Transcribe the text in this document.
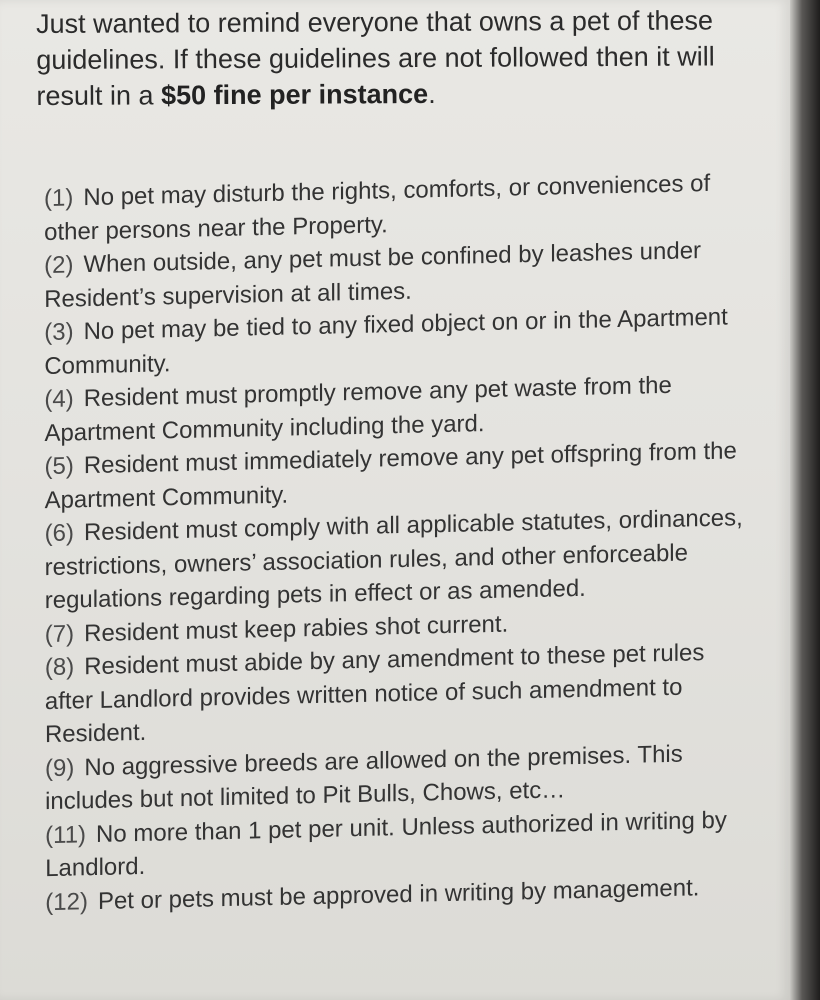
Just wanted to remind everyone that owns a pet of these guidelines. If these guidelines are not followed then it will result in a $50 fine per instance.

(1) No pet may disturb the rights, comforts, or conveniences of other persons near the Property.
(2) When outside, any pet must be confined by leashes under Resident’s supervision at all times.
(3) No pet may be tied to any fixed object on or in the Apartment Community.
(4) Resident must promptly remove any pet waste from the Apartment Community including the yard.
(5) Resident must immediately remove any pet offspring from the Apartment Community.
(6) Resident must comply with all applicable statutes, ordinances, restrictions, owners’ association rules, and other enforceable regulations regarding pets in effect or as amended.
(7) Resident must keep rabies shot current.
(8) Resident must abide by any amendment to these pet rules after Landlord provides written notice of such amendment to Resident.
(9) No aggressive breeds are allowed on the premises. This includes but not limited to Pit Bulls, Chows, etc…
(11) No more than 1 pet per unit. Unless authorized in writing by Landlord.
(12) Pet or pets must be approved in writing by management.
